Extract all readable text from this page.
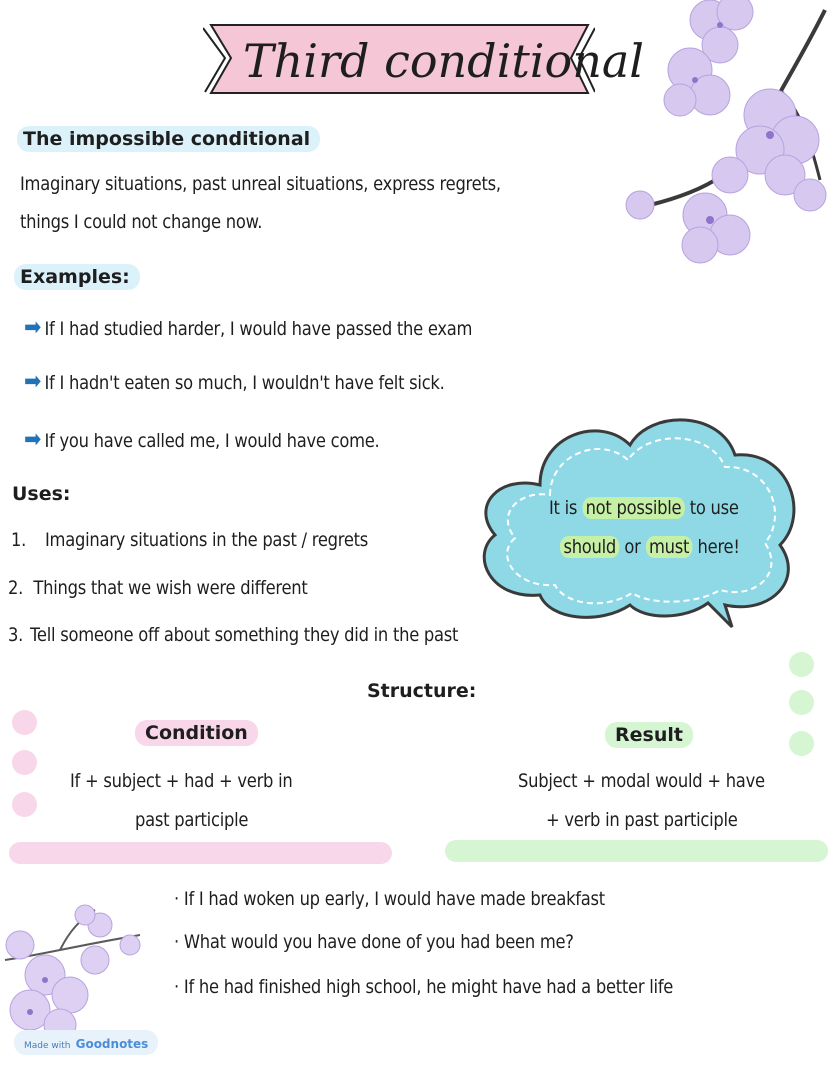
Third conditional
The impossible conditional
Imaginary situations, past unreal situations, express regrets,
things I could not change now.
Examples:
➡ If I had studied harder, I would have passed the exam
➡ If I hadn't eaten so much, I wouldn't have felt sick.
➡ If you have called me, I would have come.
Uses:
1. Imaginary situations in the past / regrets
2. Things that we wish were different
3. Tell someone off about something they did in the past
It is not possible to use
should or must here!
Structure:
Condition
If + subject + had + verb in
past participle
Result
Subject + modal would + have
+ verb in past participle
· If I had woken up early, I would have made breakfast
· What would you have done of you had been me?
· If he had finished high school, he might have had a better life
Made with Goodnotes
